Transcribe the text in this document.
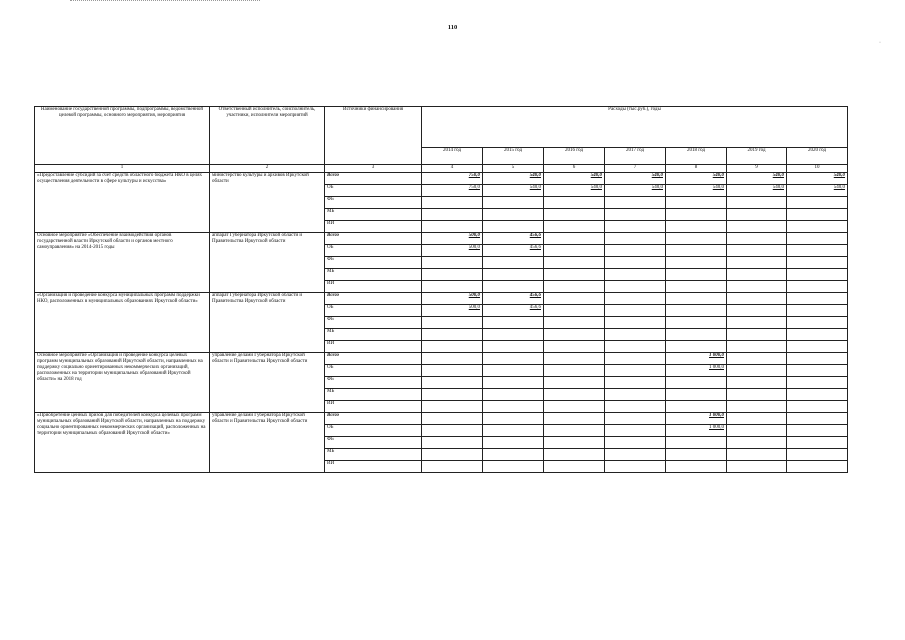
110
·
Наименование государственной программы, подпрограммы, ведомственной целевой программы, основного мероприятия, мероприятия	Ответственный исполнитель, соисполнитель, участники, исполнители мероприятий	Источники финансирования	Расходы (тыс.руб.), годы						
			2014 год	2015 год	2016 год	2017 год	2018 год	2019 год	2020 год
1	2	3	4	5	6	7	8	9	10
«Предоставление субсидий за счет средств областного бюджета НКО в целях осуществления деятельности в сфере культуры и искусства»	министерство культуры и архивов Иркутской области	Всего	750,0	540,0	540,0	540,0	540,0	540,0	540,0
		ОБ	750,0	540,0	540,0	540,0	540,0	540,0	540,0
		ФБ							
		МБ							
		ИИ							
Основное мероприятие «Обеспечение взаимодействия органов государственной власти Иркутской области и органов местного самоуправления» на 2014-2015 годы	аппарат Губернатора Иркутской области и Правительства Иркутской области	Всего	500,0	456,6					
		ОБ	500,0	456,6					
		ФБ							
		МБ							
		ИИ							
«Организация и проведение конкурса муниципальных программ поддержки НКО, расположенных в муниципальных образованиях Иркутской области»	аппарат Губернатора Иркутской области и Правительства Иркутской области	Всего	500,0	456,6					
		ОБ	500,0	456,6					
		ФБ							
		МБ							
		ИИ							
Основное мероприятие «Организация и проведение конкурса целевых программ муниципальных образований Иркутской области, направленных на поддержку социально ориентированных некоммерческих организаций, расположенных на территории муниципальных образований Иркутской области» на 2018 год	управление делами Губернатора Иркутской области и Правительства Иркутской области	Всего					1 000,0		
		ОБ					1 000,0		
		ФБ							
		МБ							
		ИИ							
«Приобретение ценных призов для победителей конкурса целевых программ муниципальных образований Иркутской области, направленных на поддержку социально ориентированных некоммерческих организаций, расположенных на территории муниципальных образований Иркутской области»	управление делами Губернатора Иркутской области и Правительства Иркутской области	Всего					1 000,0		
		ОБ					1 000,0		
		ФБ							
		МБ							
		ИИ							
